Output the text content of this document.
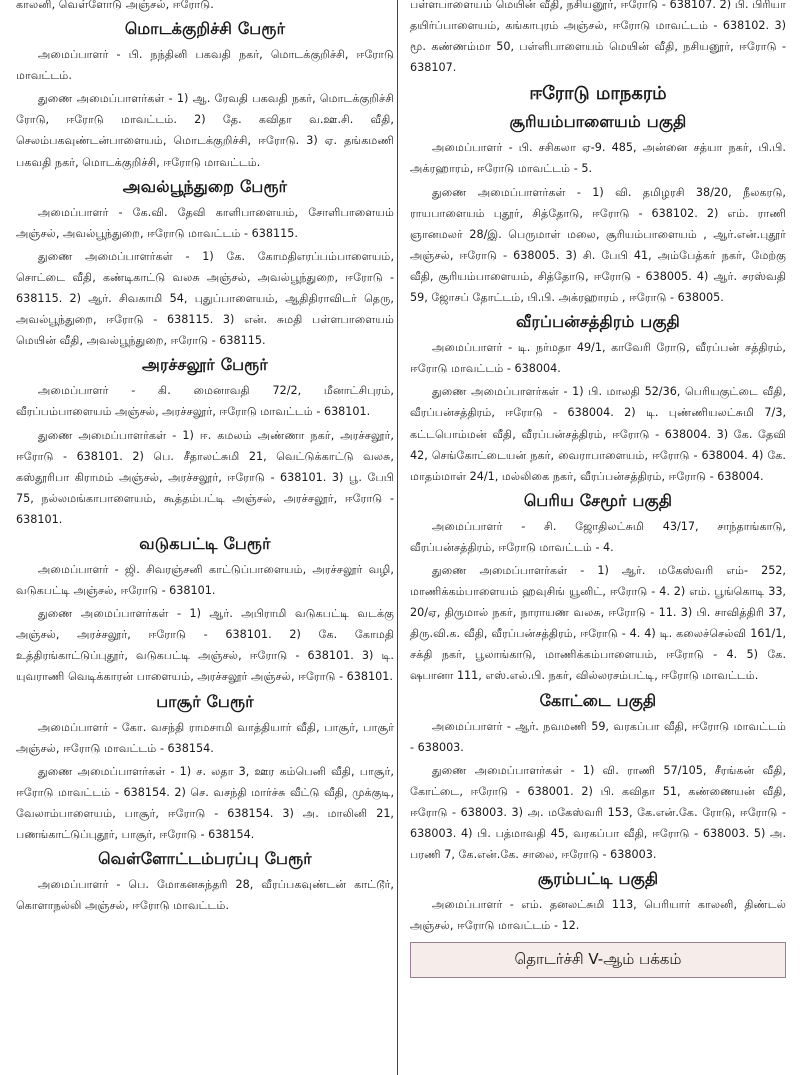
காலனி, வெள்ளோடு அஞ்சல், ஈரோடு.

மொடக்குறிச்சி பேரூர்

அமைப்பாளர் - பி. நந்தினி பகவதி நகர், மொடக்குறிச்சி, ஈரோடு மாவட்டம்.

துணை அமைப்பாளர்கள் - 1) ஆ. ரேவதி பகவதி நகர், மொடக்குறிச்சி ரோடு, ஈரோடு மாவட்டம். 2) தே. கவிதா வ.ஊ.சி. வீதி, செலம்பகவுண்டன்பாளையம், மொடக்குறிச்சி, ஈரோடு. 3) ஏ. தங்கமணி பகவதி நகர், மொடக்குறிச்சி, ஈரோடு மாவட்டம்.

அவல்பூந்துறை பேரூர்

அமைப்பாளர் - கே.வி. தேவி காளிபாளையம், சோளிபாளையம் அஞ்சல், அவல்பூந்துறை, ஈரோடு மாவட்டம் - 638115.

துணை அமைப்பாளர்கள் - 1) கே. கோமதிஎரப்பம்பாளையம், சொட்டை வீதி, கண்டிகாட்டு வலசு அஞ்சல், அவல்பூந்துறை, ஈரோடு - 638115. 2) ஆர். சிவகாமி 54, புதுப்பாளையம், ஆதிதிராவிடர் தெரு, அவல்பூந்துறை, ஈரோடு - 638115. 3) என். சுமதி பள்ளபாளையம் மெயின் வீதி, அவல்பூந்துறை, ஈரோடு - 638115.

அரச்சலூர் பேரூர்

அமைப்பாளர் - கி. மைனாவதி 72/2, மீனாட்சிபுரம், வீரப்பம்பாளையம் அஞ்சல், அரச்சலூர், ஈரோடு மாவட்டம் - 638101.

துணை அமைப்பாளர்கள் - 1) ஈ. கமலம் அண்ணா நகர், அரச்சலூர், ஈரோடு - 638101. 2) பெ. சீதாலட்சுமி 21, வெட்டுக்காட்டு வலசு, கஸ்தூரிபா கிராமம் அஞ்சல், அரச்சலூர், ஈரோடு - 638101. 3) பூ. பேபி 75, நல்லமங்காபாளையம், கூத்தம்பட்டி அஞ்சல், அரச்சலூர், ஈரோடு - 638101.

வடுகபட்டி பேரூர்

அமைப்பாளர் - ஜி. சிவரஞ்சனி காட்டுப்பாளையம், அரச்சலூர் வழி, வடுகபட்டி அஞ்சல், ஈரோடு - 638101.

துணை அமைப்பாளர்கள் - 1) ஆர். அபிராமி வடுகபட்டி வடக்கு அஞ்சல், அரச்சலூர், ஈரோடு - 638101. 2) கே. கோமதி உத்திரங்காட்டுப்புதூர், வடுகபட்டி அஞ்சல், ஈரோடு - 638101. 3) டி. யுவராணி வெடிக்காரன் பாளையம், அரச்சலூர் அஞ்சல், ஈரோடு - 638101.

பாசூர் பேரூர்

அமைப்பாளர் - கோ. வசந்தி ராமசாமி வாத்தியார் வீதி, பாசூர், பாசூர் அஞ்சல், ஈரோடு மாவட்டம் - 638154.

துணை அமைப்பாளர்கள் - 1) ச. லதா 3, ஊர கம்பெனி வீதி, பாசூர், ஈரோடு மாவட்டம் - 638154. 2) செ. வசந்தி மார்ச்சு வீட்டு வீதி, முக்குடி, வேலாம்பாளையம், பாசூர், ஈரோடு - 638154. 3) அ. மாலினி 21, பணங்காட்டுப்புதூர், பாசூர், ஈரோடு - 638154.

வெள்ளோட்டம்பரப்பு பேரூர்

அமைப்பாளர் - பெ. மோகனசுந்தரி 28, வீரப்பகவுண்டன் காட்டூர், கொளாநல்லி அஞ்சல், ஈரோடு மாவட்டம்.

பள்ளபாளையம் மெயின் வீதி, நசியனூர், ஈரோடு - 638107. 2) பி. பிரியா தயிர்ப்பாளையம், கங்காபுரம் அஞ்சல், ஈரோடு மாவட்டம் - 638102. 3) மூ. கண்ணம்மா 50, பள்ளிபாளையம் மெயின் வீதி, நசியனூர், ஈரோடு - 638107.

ஈரோடு மாநகரம்
சூரியம்பாளையம் பகுதி

அமைப்பாளர் - பி. சசிகலா ஏ-9. 485, அன்னை சத்யா நகர், பி.பி. அக்ரஹாரம், ஈரோடு மாவட்டம் - 5.

துணை அமைப்பாளர்கள் - 1) வி. தமிழரசி 38/20, நீலகரடு, ராயபாளையம் புதூர், சித்தோடு, ஈரோடு - 638102. 2) எம். ராணி ஞானமலர் 28/இ. பெருமாள் மலை, சூரியம்பாளையம் , ஆர்.என்.புதூர் அஞ்சல், ஈரோடு - 638005. 3) சி. பேபி 41, அம்பேத்கர் நகர், மேற்கு வீதி, சூரியம்பாளையம், சித்தோடு, ஈரோடு - 638005. 4) ஆர். சரஸ்வதி 59, ஜோசப் தோட்டம், பி.பி. அக்ரஹாரம் , ஈரோடு - 638005.

வீரப்பன்சத்திரம் பகுதி

அமைப்பாளர் - டி. நர்மதா 49/1, காவேரி ரோடு, வீரப்பன் சத்திரம், ஈரோடு மாவட்டம் - 638004.

துணை அமைப்பாளர்கள் - 1) பி. மாலதி 52/36, பெரியகுட்டை வீதி, வீரப்பன்சத்திரம், ஈரோடு - 638004. 2) டி. புண்ணியலட்சுமி 7/3, கட்டபொம்மன் வீதி, வீரப்பன்சத்திரம், ஈரோடு - 638004. 3) கே. தேவி 42, செங்கோட்டையன் நகர், வைராபாளையம், ஈரோடு - 638004. 4) கே. மாதம்மாள் 24/1, மல்லிகை நகர், வீரப்பன்சத்திரம், ஈரோடு - 638004.

பெரிய சேமூர் பகுதி

அமைப்பாளர் - சி. ஜோதிலட்சுமி 43/17, சாந்தாங்காடு, வீரப்பன்சத்திரம், ஈரோடு மாவட்டம் - 4.

துணை அமைப்பாளர்கள் - 1) ஆர். மகேஸ்வரி எம்- 252, மாணிக்கம்பாளையம் ஹவுசிங் யூனிட், ஈரோடு - 4. 2) எம். பூங்கொடி 33, 20/ஏ, திருமால் நகர், நாராயண வலசு, ஈரோடு - 11. 3) பி. சாவித்திரி 37, திரு.வி.க. வீதி, வீரப்பன்சத்திரம், ஈரோடு - 4. 4) டி. கலைச்செல்வி 161/1, சக்தி நகர், பூலாங்காடு, மாணிக்கம்பாளையம், ஈரோடு - 4. 5) கே. ஷபானா 111, எஸ்.எல்.பி. நகர், வில்லரசம்பட்டி, ஈரோடு மாவட்டம்.

கோட்டை பகுதி

அமைப்பாளர் - ஆர். நவமணி 59, வரகப்பா வீதி, ஈரோடு மாவட்டம் - 638003.

துணை அமைப்பாளர்கள் - 1) வி. ராணி 57/105, சீரங்கன் வீதி, கோட்டை, ஈரோடு - 638001. 2) பி. கவிதா 51, கண்ணையன் வீதி, ஈரோடு - 638003. 3) அ. மகேஸ்வரி 153, கே.என்.கே. ரோடு, ஈரோடு - 638003. 4) பி. பத்மாவதி 45, வரகப்பா வீதி, ஈரோடு - 638003. 5) அ. பரணி 7, கே.என்.கே. சாலை, ஈரோடு - 638003.

சூரம்பட்டி பகுதி

அமைப்பாளர் - எம். தனலட்சுமி 113, பெரியார் காலனி, திண்டல் அஞ்சல், ஈரோடு மாவட்டம் - 12.

தொடர்ச்சி V-ஆம் பக்கம்
